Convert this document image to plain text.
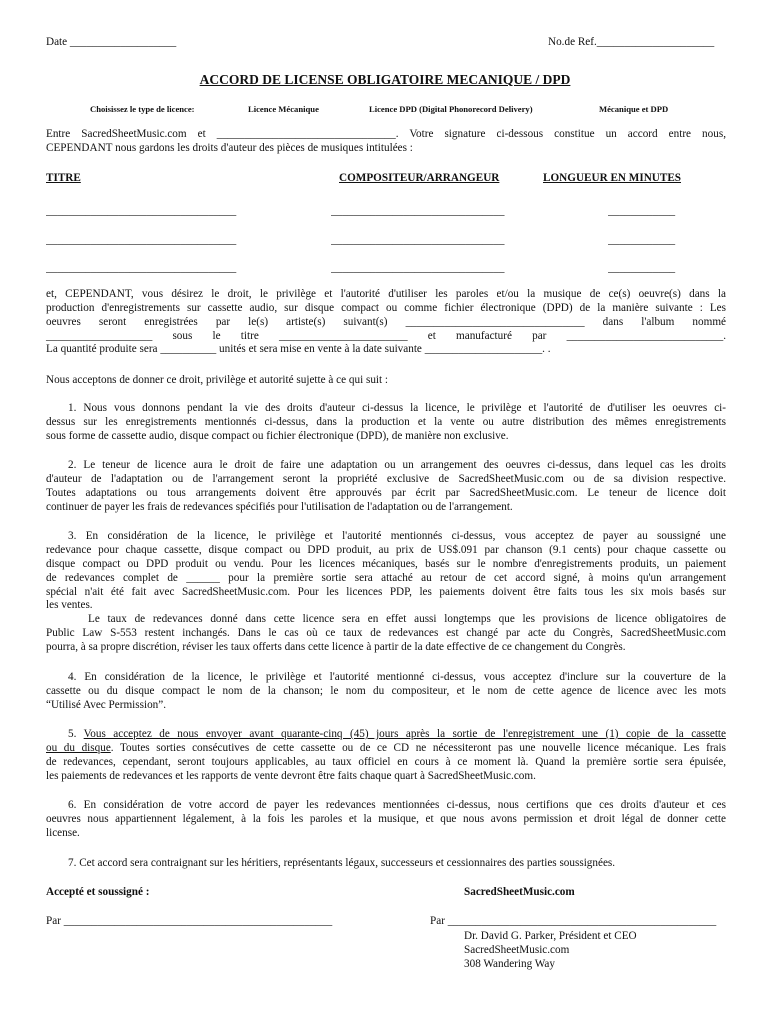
Date ___________________	No.de Ref._____________________
ACCORD DE LICENSE OBLIGATOIRE MECANIQUE / DPD
Choisissez le type de licence:	Licence Mécanique	Licence DPD (Digital Phonorecord Delivery)	Mécanique et DPD
Entre SacredSheetMusic.com et ________________________________. Votre signature ci-dessous constitue un accord entre nous,
CEPENDANT nous gardons les droits d'auteur des pièces de musiques intitulées :
TITRE	COMPOSITEUR/ARRANGEUR	LONGUEUR EN MINUTES
__________________________________	_______________________________	____________
__________________________________	_______________________________	____________
__________________________________	_______________________________	____________
et, CEPENDANT, vous désirez le droit, le privilège et l'autorité d'utiliser les paroles et/ou la musique de ce(s) oeuvre(s) dans la
production d'enregistrements sur cassette audio, sur disque compact ou comme fichier électronique (DPD) de la manière suivante : Les
oeuvres seront enregistrées par le(s) artiste(s) suivant(s) ________________________________ dans l'album nommé
___________________ sous le titre _______________________ et manufacturé par ____________________________.
La quantité produite sera __________ unités et sera mise en vente à la date suivante _____________________. .
Nous acceptons de donner ce droit, privilège et autorité sujette à ce qui suit :
1. Nous vous donnons pendant la vie des droits d'auteur ci-dessus la licence, le privilège et l'autorité de d'utiliser les oeuvres ci-
dessus sur les enregistrements mentionnés ci-dessus, dans la production et la vente ou autre distribution des mêmes enregistrements
sous forme de cassette audio, disque compact ou fichier électronique (DPD), de manière non exclusive.
2. Le teneur de licence aura le droit de faire une adaptation ou un arrangement des oeuvres ci-dessus, dans lequel cas les droits
d'auteur de l'adaptation ou de l'arrangement seront la propriété exclusive de SacredSheetMusic.com ou de sa division respective.
Toutes adaptations ou tous arrangements doivent être approuvés par écrit par SacredSheetMusic.com. Le teneur de licence doit
continuer de payer les frais de redevances spécifiés pour l'utilisation de l'adaptation ou de l'arrangement.
3. En considération de la licence, le privilège et l'autorité mentionnés ci-dessus, vous acceptez de payer au soussigné une
redevance pour chaque cassette, disque compact ou DPD produit, au prix de US$.091 par chanson (9.1 cents) pour chaque cassette ou
disque compact ou DPD produit ou vendu. Pour les licences mécaniques, basés sur le nombre d'enregistrements produits, un paiement
de redevances complet de ______ pour la première sortie sera attaché au retour de cet accord signé, à moins qu'un arrangement
spécial n'ait été fait avec SacredSheetMusic.com. Pour les licences PDP, les paiements doivent être faits tous les six mois basés sur
les ventes.
Le taux de redevances donné dans cette licence sera en effet aussi longtemps que les provisions de licence obligatoires de
Public Law S-553 restent inchangés. Dans le cas où ce taux de redevances est changé par acte du Congrès, SacredSheetMusic.com
pourra, à sa propre discrétion, réviser les taux offerts dans cette licence à partir de la date effective de ce changement du Congrès.
4. En considération de la licence, le privilège et l'autorité mentionné ci-dessus, vous acceptez d'inclure sur la couverture de la
cassette ou du disque compact le nom de la chanson; le nom du compositeur, et le nom de cette agence de licence avec les mots
“Utilisé Avec Permission”.
5. Vous acceptez de nous envoyer avant quarante-cinq (45) jours après la sortie de l'enregistrement une (1) copie de la cassette
ou du disque. Toutes sorties consécutives de cette cassette ou de ce CD ne nécessiteront pas une nouvelle licence mécanique. Les frais
de redevances, cependant, seront toujours applicables, au taux officiel en cours à ce moment là. Quand la première sortie sera épuisée,
les paiements de redevances et les rapports de vente devront être faits chaque quart à SacredSheetMusic.com.
6. En considération de votre accord de payer les redevances mentionnées ci-dessus, nous certifions que ces droits d'auteur et ces
oeuvres nous appartiennent légalement, à la fois les paroles et la musique, et que nous avons permission et droit légal de donner cette
license.
7. Cet accord sera contraignant sur les héritiers, représentants légaux, successeurs et cessionnaires des parties soussignées.
Accepté et soussigné :	SacredSheetMusic.com
Par ________________________________________________	Par ________________________________________________
Dr. David G. Parker, Président et CEO
SacredSheetMusic.com
308 Wandering Way
